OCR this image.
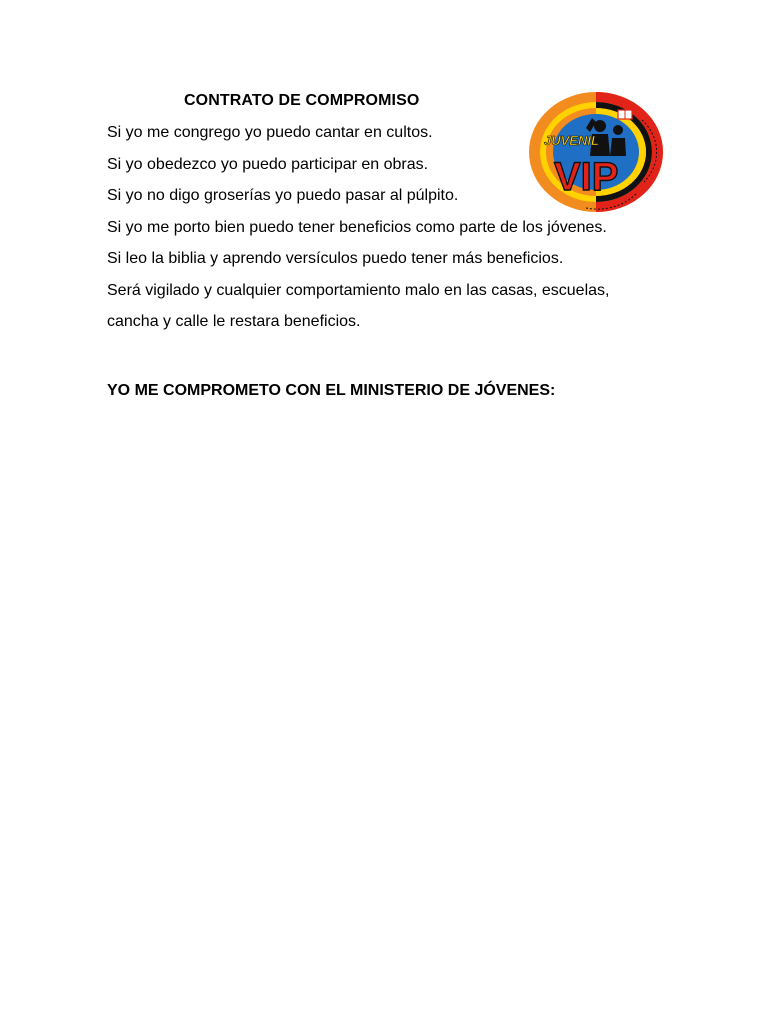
CONTRATO DE COMPROMISO
Si yo me congrego yo puedo cantar en cultos.
Si yo obedezco yo puedo participar en obras.
Si yo no digo groserías yo puedo pasar al púlpito.
Si yo me porto bien puedo tener beneficios como parte de los jóvenes.
Si leo la biblia y aprendo versículos puedo tener más beneficios.
Será vigilado y cualquier comportamiento malo en las casas, escuelas,
cancha y calle le restara beneficios.
YO ME COMPROMETO CON EL MINISTERIO DE JÓVENES:
JUVENIL
VIP
